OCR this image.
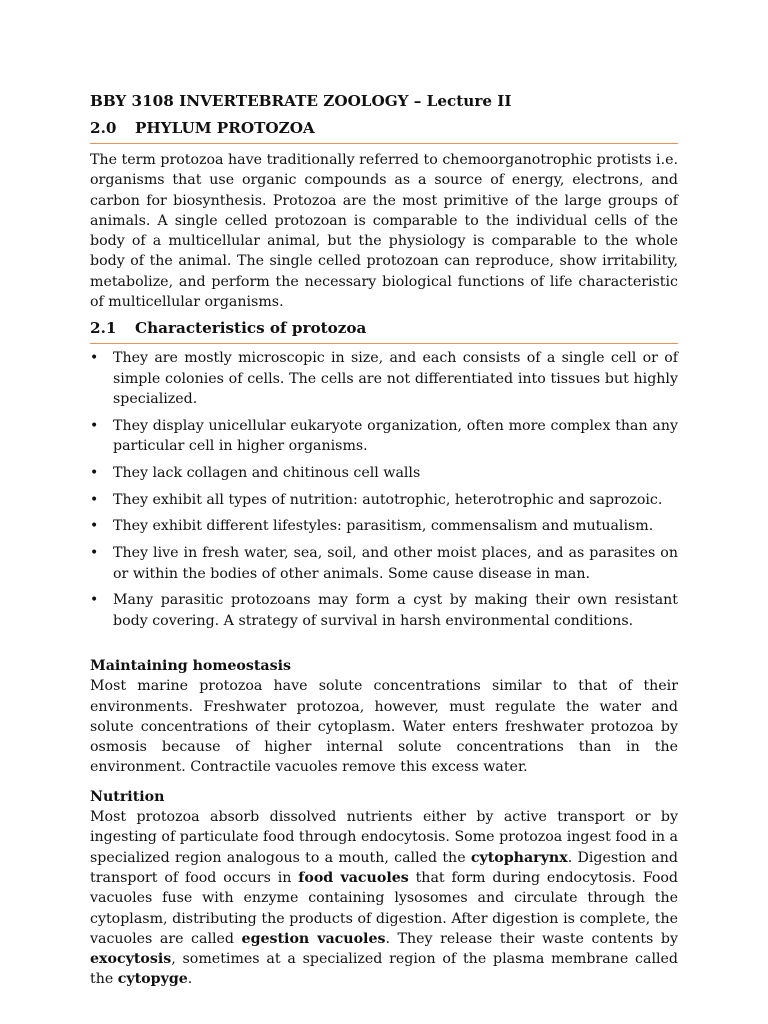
BBY 3108 INVERTEBRATE ZOOLOGY – Lecture II
2.0	PHYLUM PROTOZOA

The term protozoa have traditionally referred to chemoorganotrophic protists i.e. organisms that use organic compounds as a source of energy, electrons, and carbon for biosynthesis. Protozoa are the most primitive of the large groups of animals. A single celled protozoan is comparable to the individual cells of the body of a multicellular animal, but the physiology is comparable to the whole body of the animal. The single celled protozoan can reproduce, show irritability, metabolize, and perform the necessary biological functions of life characteristic of multicellular organisms.

2.1	Characteristics of protozoa
• They are mostly microscopic in size, and each consists of a single cell or of simple colonies of cells. The cells are not differentiated into tissues but highly specialized.
• They display unicellular eukaryote organization, often more complex than any particular cell in higher organisms.
• They lack collagen and chitinous cell walls
• They exhibit all types of nutrition: autotrophic, heterotrophic and saprozoic.
• They exhibit different lifestyles: parasitism, commensalism and mutualism.
• They live in fresh water, sea, soil, and other moist places, and as parasites on or within the bodies of other animals. Some cause disease in man.
• Many parasitic protozoans may form a cyst by making their own resistant body covering. A strategy of survival in harsh environmental conditions.
Maintaining homeostasis

Most marine protozoa have solute concentrations similar to that of their environments. Freshwater protozoa, however, must regulate the water and solute concentrations of their cytoplasm. Water enters freshwater protozoa by osmosis because of higher internal solute concentrations than in the environment. Contractile vacuoles remove this excess water.

Nutrition

Most protozoa absorb dissolved nutrients either by active transport or by ingesting of particulate food through endocytosis. Some protozoa ingest food in a specialized region analogous to a mouth, called the cytopharynx. Digestion and transport of food occurs in food vacuoles that form during endocytosis. Food vacuoles fuse with enzyme containing lysosomes and circulate through the cytoplasm, distributing the products of digestion. After digestion is complete, the vacuoles are called egestion vacuoles. They release their waste contents by exocytosis, sometimes at a specialized region of the plasma membrane called the cytopyge.
